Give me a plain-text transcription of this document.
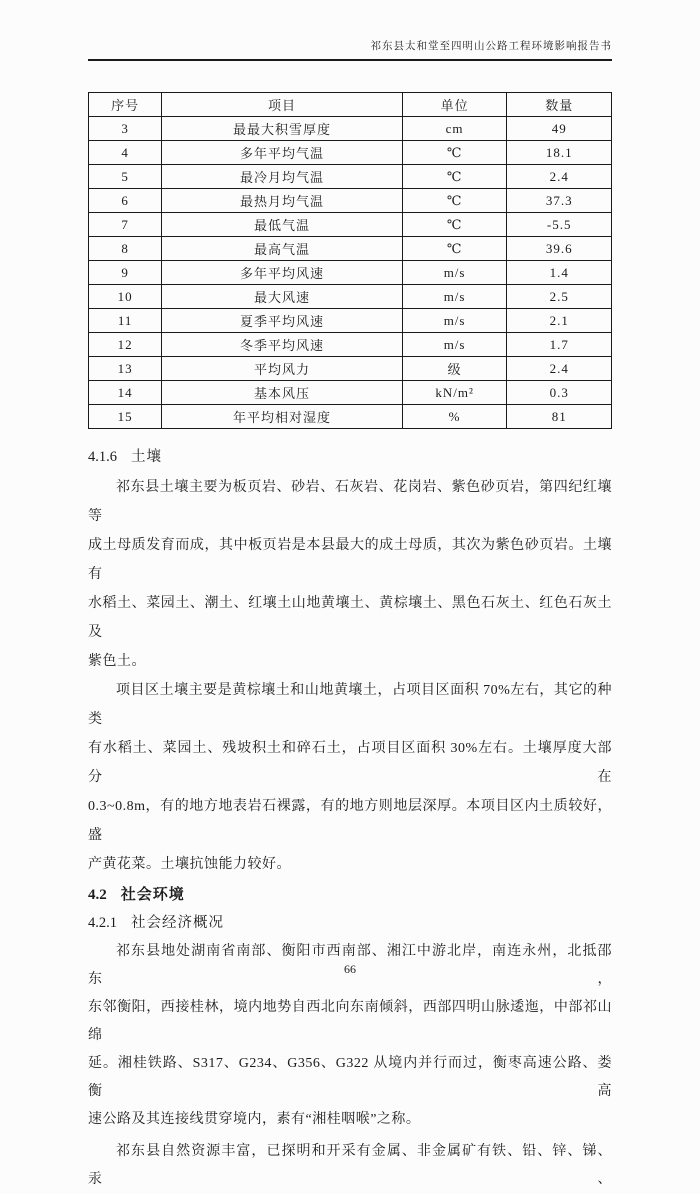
祁东县太和堂至四明山公路工程环境影响报告书
序号	项目	单位	数量
3	最最大积雪厚度	cm	49
4	多年平均气温	℃	18.1
5	最冷月均气温	℃	2.4
6	最热月均气温	℃	37.3
7	最低气温	℃	-5.5
8	最高气温	℃	39.6
9	多年平均风速	m/s	1.4
10	最大风速	m/s	2.5
11	夏季平均风速	m/s	2.1
12	冬季平均风速	m/s	1.7
13	平均风力	级	2.4
14	基本风压	kN/m²	0.3
15	年平均相对湿度	%	81
4.1.6 土壤
祁东县土壤主要为板页岩、砂岩、石灰岩、花岗岩、紫色砂页岩，第四纪红壤等
成土母质发育而成，其中板页岩是本县最大的成土母质，其次为紫色砂页岩。土壤有
水稻土、菜园土、潮土、红壤土山地黄壤土、黄棕壤土、黑色石灰土、红色石灰土及
紫色土。
项目区土壤主要是黄棕壤土和山地黄壤土，占项目区面积 70%左右，其它的种类
有水稻土、菜园土、残坡积土和碎石土，占项目区面积 30%左右。土壤厚度大部分在
0.3~0.8m，有的地方地表岩石裸露，有的地方则地层深厚。本项目区内土质较好，盛
产黄花菜。土壤抗蚀能力较好。
4.2 社会环境
4.2.1 社会经济概况
祁东县地处湖南省南部、衡阳市西南部、湘江中游北岸，南连永州，北抵邵东，
东邻衡阳，西接桂林，境内地势自西北向东南倾斜，西部四明山脉逶迤，中部祁山绵
延。湘桂铁路、S317、G234、G356、G322 从境内并行而过，衡枣高速公路、娄衡高
速公路及其连接线贯穿境内，素有“湘桂咽喉”之称。
祁东县自然资源丰富，已探明和开采有金属、非金属矿有铁、铅、锌、锑、汞、
66
